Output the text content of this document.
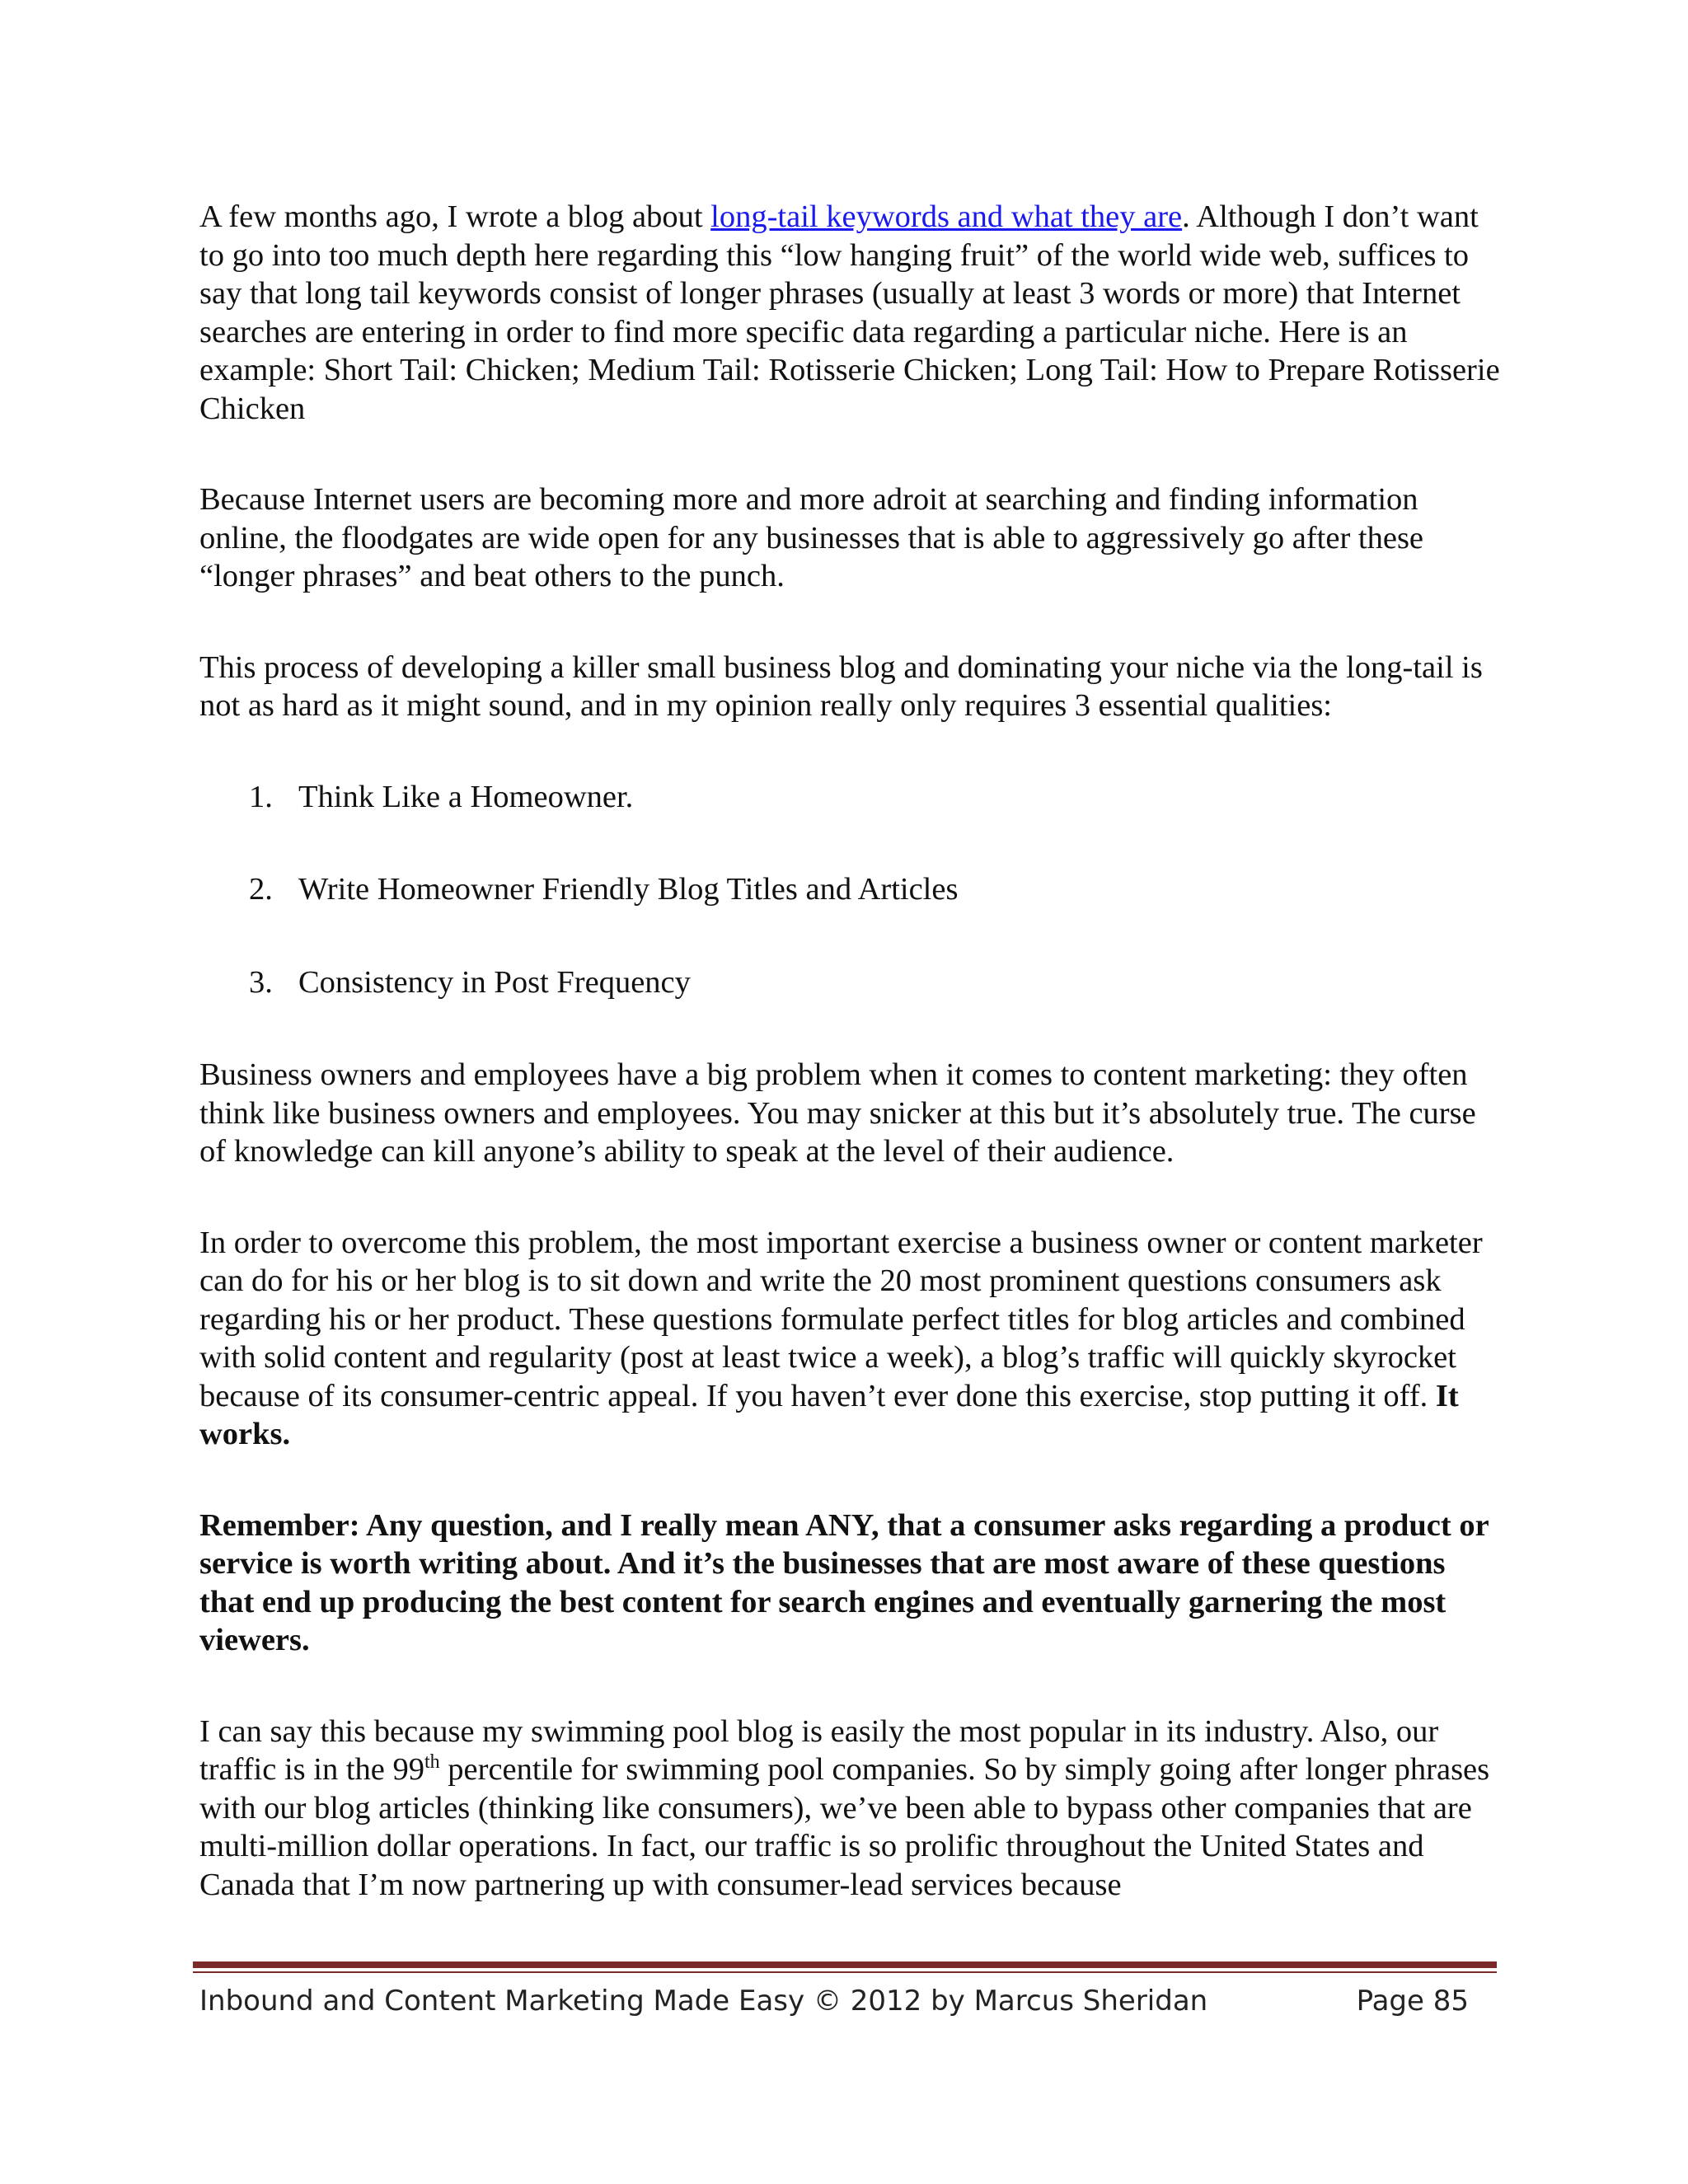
A few months ago, I wrote a blog about long-tail keywords and what they are. Although I don’t want to go into too much depth here regarding this “low hanging fruit” of the world wide web, suffices to say that long tail keywords consist of longer phrases (usually at least 3 words or more) that Internet searches are entering in order to find more specific data regarding a particular niche. Here is an example: Short Tail: Chicken; Medium Tail: Rotisserie Chicken; Long Tail: How to Prepare Rotisserie Chicken

Because Internet users are becoming more and more adroit at searching and finding information online, the floodgates are wide open for any businesses that is able to aggressively go after these “longer phrases” and beat others to the punch.

This process of developing a killer small business blog and dominating your niche via the long-tail is not as hard as it might sound, and in my opinion really only requires 3 essential qualities:

1. Think Like a Homeowner.
2. Write Homeowner Friendly Blog Titles and Articles
3. Consistency in Post Frequency

Business owners and employees have a big problem when it comes to content marketing: they often think like business owners and employees. You may snicker at this but it’s absolutely true. The curse of knowledge can kill anyone’s ability to speak at the level of their audience.

In order to overcome this problem, the most important exercise a business owner or content marketer can do for his or her blog is to sit down and write the 20 most prominent questions consumers ask regarding his or her product. These questions formulate perfect titles for blog articles and combined with solid content and regularity (post at least twice a week), a blog’s traffic will quickly skyrocket because of its consumer-centric appeal. If you haven’t ever done this exercise, stop putting it off. It works.

Remember: Any question, and I really mean ANY, that a consumer asks regarding a product or service is worth writing about. And it’s the businesses that are most aware of these questions that end up producing the best content for search engines and eventually garnering the most viewers.

I can say this because my swimming pool blog is easily the most popular in its industry. Also, our traffic is in the 99th percentile for swimming pool companies. So by simply going after longer phrases with our blog articles (thinking like consumers), we’ve been able to bypass other companies that are multi-million dollar operations. In fact, our traffic is so prolific throughout the United States and Canada that I’m now partnering up with consumer-lead services because

Inbound and Content Marketing Made Easy © 2012 by Marcus Sheridan	Page 85
